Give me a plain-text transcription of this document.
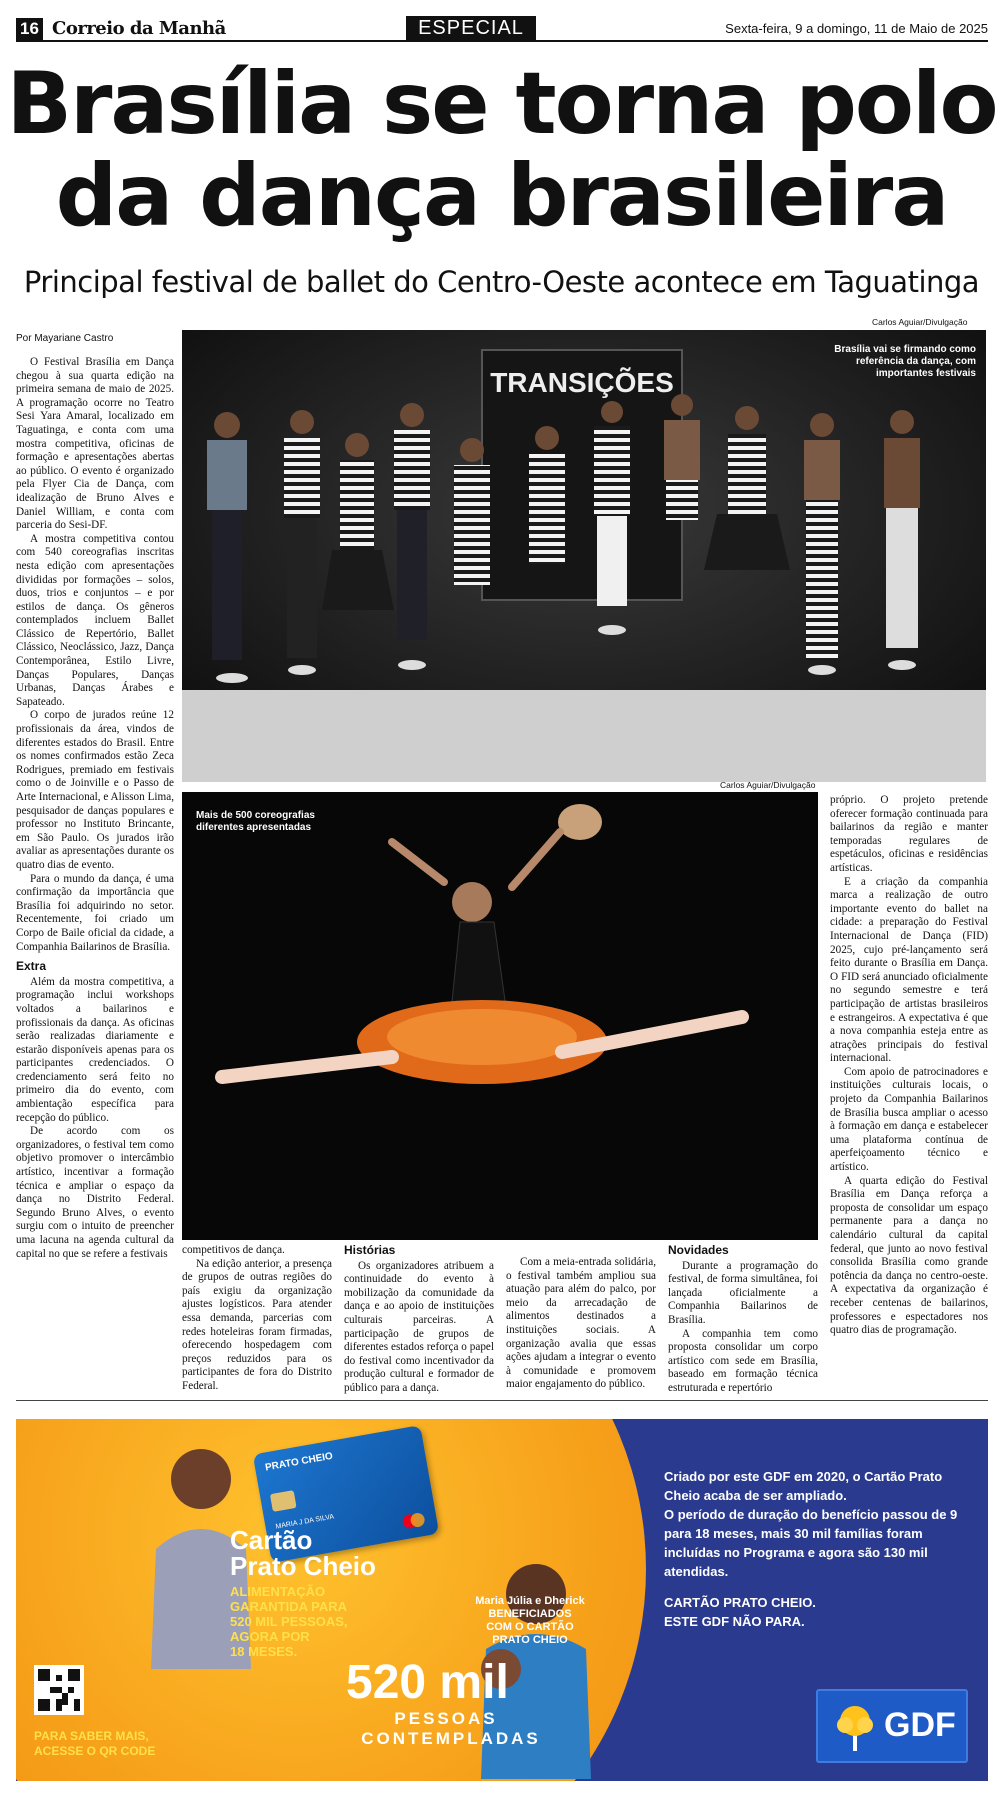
16 Correio da Manhã	ESPECIAL	Sexta-feira, 9 a domingo, 11 de Maio de 2025
Brasília se torna polo
da dança brasileira
Principal festival de ballet do Centro-Oeste acontece em Taguatinga
Por Mayariane Castro

O Festival Brasília em Dança chegou à sua quarta edição na primeira semana de maio de 2025. A programação ocorre no Teatro Sesi Yara Amaral, localizado em Taguatinga, e conta com uma mostra competitiva, oficinas de formação e apresentações abertas ao público. O evento é organizado pela Flyer Cia de Dança, com idealização de Bruno Alves e Daniel William, e conta com parceria do Sesi-DF.

A mostra competitiva contou com 540 coreografias inscritas nesta edição com apresentações divididas por formações – solos, duos, trios e conjuntos – e por estilos de dança. Os gêneros contemplados incluem Ballet Clássico de Repertório, Ballet Clássico, Neoclássico, Jazz, Dança Contemporânea, Estilo Livre, Danças Populares, Danças Urbanas, Danças Árabes e Sapateado.

O corpo de jurados reúne 12 profissionais da área, vindos de diferentes estados do Brasil. Entre os nomes confirmados estão Zeca Rodrigues, premiado em festivais como o de Joinville e o Passo de Arte Internacional, e Alisson Lima, pesquisador de danças populares e professor no Instituto Brincante, em São Paulo. Os jurados irão avaliar as apresentações durante os quatro dias de evento.

Para o mundo da dança, é uma confirmação da importância que Brasília foi adquirindo no setor. Recentemente, foi criado um Corpo de Baile oficial da cidade, a Companhia Bailarinos de Brasília.

Extra

Além da mostra competitiva, a programação inclui workshops voltados a bailarinos e profissionais da dança. As oficinas serão realizadas diariamente e estarão disponíveis apenas para os participantes credenciados. O credenciamento será feito no primeiro dia do evento, com ambientação específica para recepção do público.

De acordo com os organizadores, o festival tem como objetivo promover o intercâmbio artístico, incentivar a formação técnica e ampliar o espaço da dança no Distrito Federal. Segundo Bruno Alves, o evento surgiu com o intuito de preencher uma lacuna na agenda cultural da capital no que se refere a festivais

Carlos Aguiar/Divulgação
TRANSIÇÕES
Brasília vai se firmando como referência da dança, com importantes festivais
Carlos Aguiar/Divulgação
Mais de 500 coreografias diferentes apresentadas

competitivos de dança.

Na edição anterior, a presença de grupos de outras regiões do país exigiu da organização ajustes logísticos. Para atender essa demanda, parcerias com redes hoteleiras foram firmadas, oferecendo hospedagem com preços reduzidos para os participantes de fora do Distrito Federal.

Histórias

Os organizadores atribuem a continuidade do evento à mobilização da comunidade da dança e ao apoio de instituições culturais parceiras. A participação de grupos de diferentes estados reforça o papel do festival como incentivador da produção cultural e formador de público para a dança.

Com a meia-entrada solidária, o festival também ampliou sua atuação para além do palco, por meio da arrecadação de alimentos destinados a instituições sociais. A organização avalia que essas ações ajudam a integrar o evento à comunidade e promovem maior engajamento do público.

Novidades

Durante a programação do festival, de forma simultânea, foi lançada oficialmente a Companhia Bailarinos de Brasília.

A companhia tem como proposta consolidar um corpo artístico com sede em Brasília, baseado em formação técnica estruturada e repertório

próprio. O projeto pretende oferecer formação continuada para bailarinos da região e manter temporadas regulares de espetáculos, oficinas e residências artísticas.

E a criação da companhia marca a realização de outro importante evento do ballet na cidade: a preparação do Festival Internacional de Dança (FID) 2025, cujo pré-lançamento será feito durante o Brasília em Dança. O FID será anunciado oficialmente no segundo semestre e terá participação de artistas brasileiros e estrangeiros. A expectativa é que a nova companhia esteja entre as atrações principais do festival internacional.

Com apoio de patrocinadores e instituições culturais locais, o projeto da Companhia Bailarinos de Brasília busca ampliar o acesso à formação em dança e estabelecer uma plataforma contínua de aperfeiçoamento técnico e artístico.

A quarta edição do Festival Brasília em Dança reforça a proposta de consolidar um espaço permanente para a dança no calendário cultural da capital federal, que junto ao novo festival consolida Brasília como grande potência da dança no centro-oeste. A expectativa da organização é receber centenas de bailarinos, professores e espectadores nos quatro dias de programação.

PRATO CHEIO
MARIA J DA SILVA
Cartão
Prato Cheio
ALIMENTAÇÃO
GARANTIDA PARA
520 MIL PESSOAS,
AGORA POR
18 MESES.
Maria Júlia e Dherick
BENEFICIADOS
COM O CARTÃO
PRATO CHEIO
520 mil
PESSOAS
CONTEMPLADAS
PARA SABER MAIS,
ACESSE O QR CODE
Criado por este GDF em 2020, o Cartão Prato Cheio acaba de ser ampliado.
O período de duração do benefício passou de 9 para 18 meses, mais 30 mil famílias foram incluídas no Programa e agora são 130 mil atendidas.
CARTÃO PRATO CHEIO.
ESTE GDF NÃO PARA.
GDF
